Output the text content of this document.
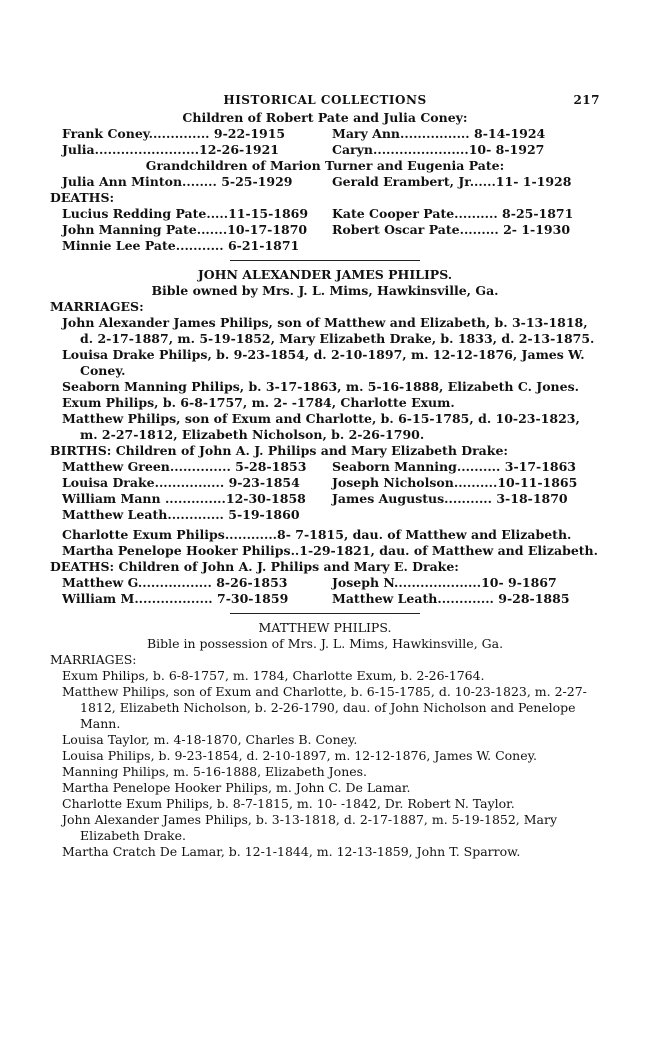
HISTORICAL COLLECTIONS	217
Children of Robert Pate and Julia Coney:
Frank Coney.............. 9-22-1915	Mary Ann................ 8-14-1924
Julia........................12-26-1921	Caryn......................10- 8-1927
Grandchildren of Marion Turner and Eugenia Pate:
Julia Ann Minton........ 5-25-1929	Gerald Erambert, Jr......11- 1-1928
DEATHS:
Lucius Redding Pate.....11-15-1869	Kate Cooper Pate.......... 8-25-1871
John Manning Pate.......10-17-1870	Robert Oscar Pate......... 2- 1-1930
Minnie Lee Pate........... 6-21-1871
JOHN ALEXANDER JAMES PHILIPS.
Bible owned by Mrs. J. L. Mims, Hawkinsville, Ga.
MARRIAGES:
John Alexander James Philips, son of Matthew and Elizabeth, b. 3-13-1818, d. 2-17-1887, m. 5-19-1852, Mary Elizabeth Drake, b. 1833, d. 2-13-1875.
Louisa Drake Philips, b. 9-23-1854, d. 2-10-1897, m. 12-12-1876, James W. Coney.
Seaborn Manning Philips, b. 3-17-1863, m. 5-16-1888, Elizabeth C. Jones.
Exum Philips, b. 6-8-1757, m. 2- -1784, Charlotte Exum.
Matthew Philips, son of Exum and Charlotte, b. 6-15-1785, d. 10-23-1823, m. 2-27-1812, Elizabeth Nicholson, b. 2-26-1790.
BIRTHS: Children of John A. J. Philips and Mary Elizabeth Drake:
Matthew Green.............. 5-28-1853	Seaborn Manning.......... 3-17-1863
Louisa Drake................ 9-23-1854	Joseph Nicholson..........10-11-1865
William Mann ..............12-30-1858	James Augustus........... 3-18-1870
Matthew Leath............. 5-19-1860
Charlotte Exum Philips............8- 7-1815, dau. of Matthew and Elizabeth.
Martha Penelope Hooker Philips..1-29-1821, dau. of Matthew and Elizabeth.
DEATHS: Children of John A. J. Philips and Mary E. Drake:
Matthew G................. 8-26-1853	Joseph N....................10- 9-1867
William M.................. 7-30-1859	Matthew Leath............. 9-28-1885
MATTHEW PHILIPS.
Bible in possession of Mrs. J. L. Mims, Hawkinsville, Ga.
MARRIAGES:
Exum Philips, b. 6-8-1757, m. 1784, Charlotte Exum, b. 2-26-1764.
Matthew Philips, son of Exum and Charlotte, b. 6-15-1785, d. 10-23-1823, m. 2-27-1812, Elizabeth Nicholson, b. 2-26-1790, dau. of John Nicholson and Penelope Mann.
Louisa Taylor, m. 4-18-1870, Charles B. Coney.
Louisa Philips, b. 9-23-1854, d. 2-10-1897, m. 12-12-1876, James W. Coney.
Manning Philips, m. 5-16-1888, Elizabeth Jones.
Martha Penelope Hooker Philips, m. John C. De Lamar.
Charlotte Exum Philips, b. 8-7-1815, m. 10- -1842, Dr. Robert N. Taylor.
John Alexander James Philips, b. 3-13-1818, d. 2-17-1887, m. 5-19-1852, Mary Elizabeth Drake.
Martha Cratch De Lamar, b. 12-1-1844, m. 12-13-1859, John T. Sparrow.
